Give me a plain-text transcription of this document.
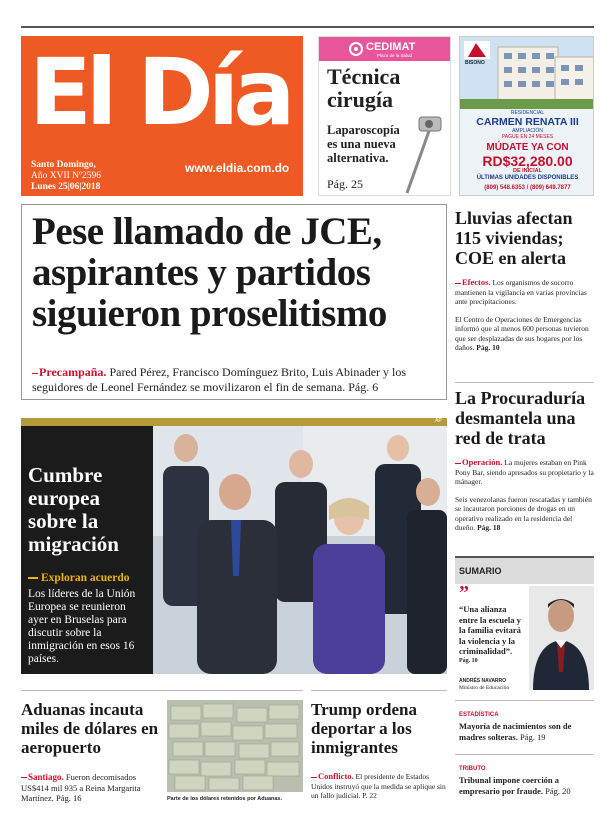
El Día
Santo Domingo,
Año XVII Nº2596
Lunes 25|06|2018
www.eldia.com.do
CEDIMAT
Plaza de la Salud
Técnica cirugía
Laparoscopía es una nueva alternativa.
Pág. 25
BISONO
RESIDENCIAL
CARMEN RENATA III
AMPLIACIÓN
PAGUE EN 24 MESES
MÚDATE YA CON
RD$32,280.00
DE INICIAL
ÚLTIMAS UNIDADES DISPONIBLES
(809) 548.6353 / (809) 649.7877
Pese llamado de JCE, aspirantes y partidos siguieron proselitismo
Precampaña. Pared Pérez, Francisco Domínguez Brito, Luis Abinader y los seguidores de Leonel Fernández se movilizaron el fin de semana. Pág. 6
Lluvias afectan 115 viviendas; COE en alerta
Efectos. Los organismos de socorro mantienen la vigilancia en varias provincias ante precipitaciones.
El Centro de Operaciones de Emergencias informó que al menos 600 personas tuvieron que ser desplazadas de sus hogares por los daños. Pág. 10
La Procuraduría desmantela una red de trata
Operación. La mujeres estaban en Pink Pony Bar, siendo apresados su propietario y la mánager.
Seis venezolanas fueron rescatadas y también se incautaron porciones de drogas en un operativo realizado en la residencia del dueño. Pág. 18
AP
Cumbre europea sobre la migración
Exploran acuerdo
Los líderes de la Unión Europea se reunieron ayer en Bruselas para discutir sobre la inmigración en esos 16 países.
SUMARIO
”
“Una alianza entre la escuela y la familia evitará la violencia y la criminalidad”.
Pág. 10
ANDRÉS NAVARRO
Ministro de Educación
ESTADÍSTICA
Mayoría de nacimientos son de madres solteras. Pág. 19
TRIBUTO
Tribunal impone coerción a empresario por fraude. Pág. 20
Aduanas incauta miles de dólares en aeropuerto
Santiago. Fueron decomisados US$414 mil 935 a Reina Margarita Martínez. Pág. 16	Parte de los dólares retenidos por Aduanas.
Trump ordena deportar a los inmigrantes
Conflicto. El presidente de Estados Unidos instruyó que la medida se aplique sin un fallo judicial. P. 22
